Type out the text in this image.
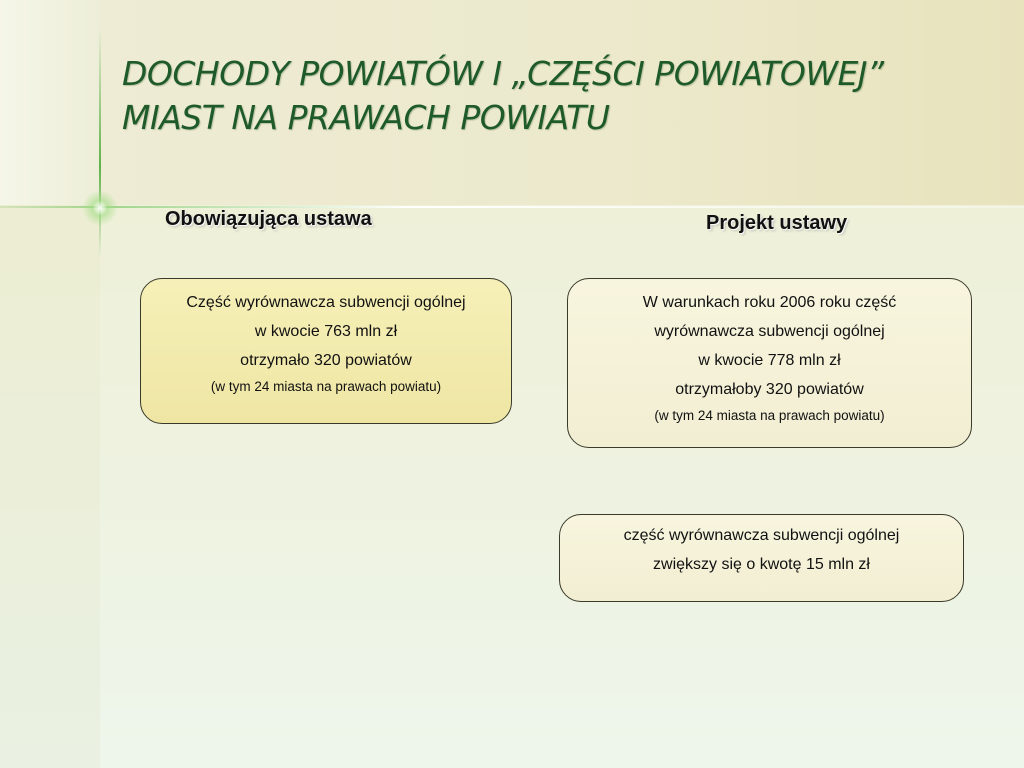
DOCHODY POWIATÓW I „CZĘŚCI POWIATOWEJ”
MIAST NA PRAWACH POWIATU
Obowiązująca ustawa	Projekt ustawy
Część wyrównawcza subwencji ogólnej
w kwocie 763 mln zł
otrzymało 320 powiatów
(w tym 24 miasta na prawach powiatu)
W warunkach roku 2006 roku część
wyrównawcza subwencji ogólnej
w kwocie 778 mln zł
otrzymałoby 320 powiatów
(w tym 24 miasta na prawach powiatu)
część wyrównawcza subwencji ogólnej
zwiększy się o kwotę 15 mln zł
